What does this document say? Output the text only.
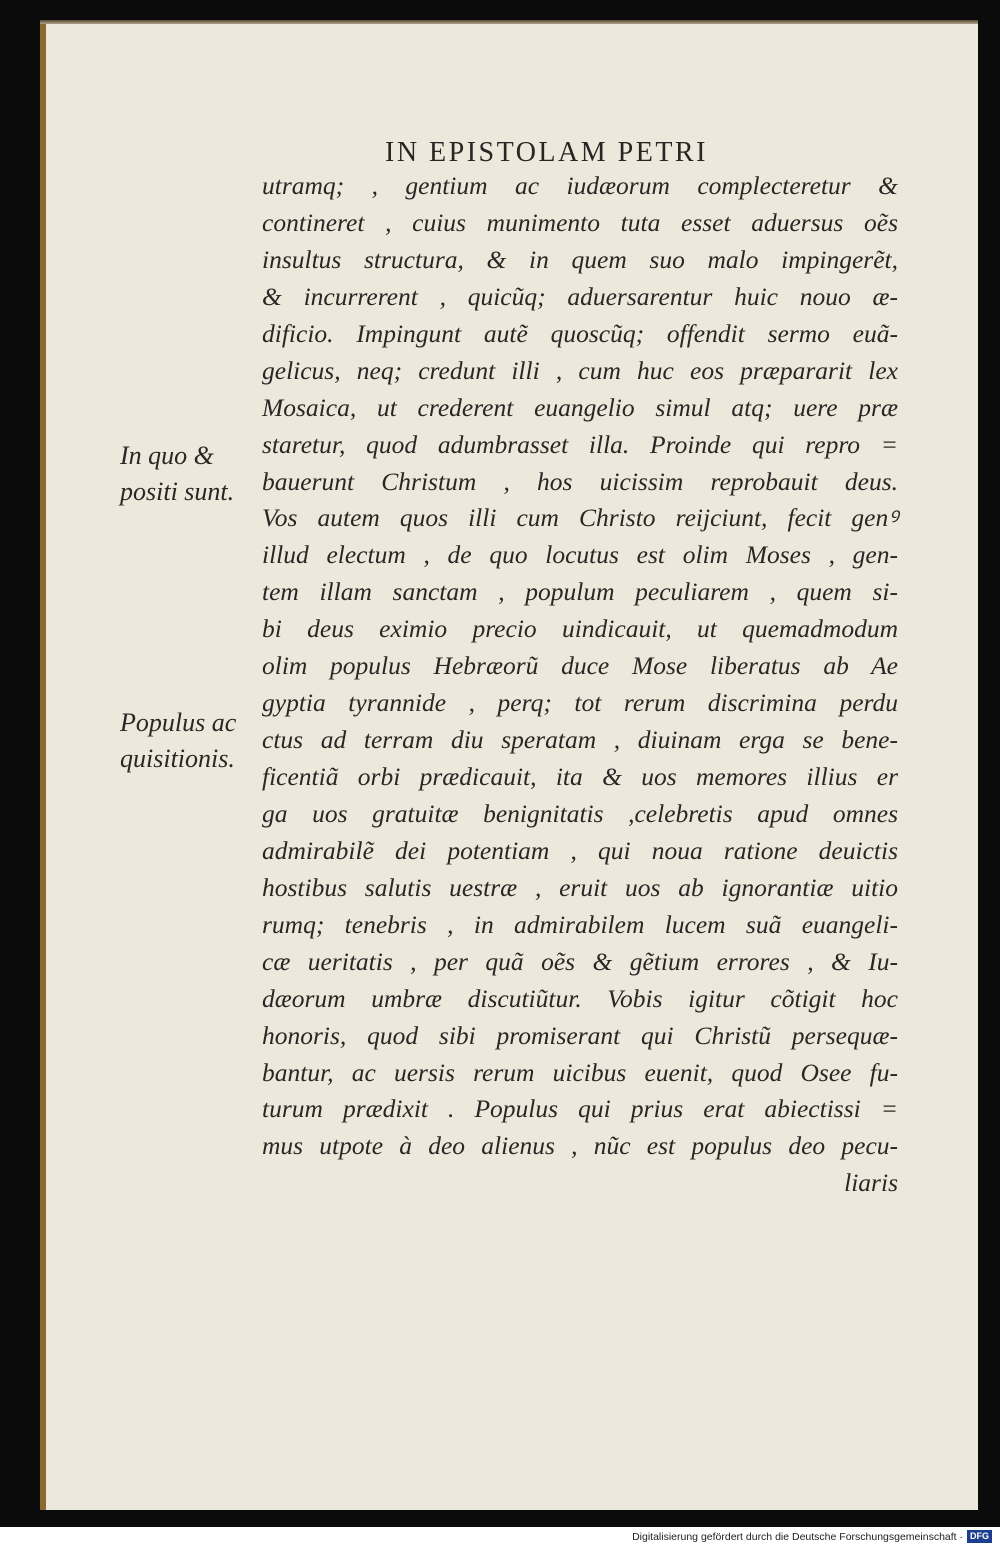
IN EPISTOLAM PETRI
In quo &
positi sunt.
Populus ac
quisitionis.
utramq; , gentium ac iudæorum complecteretur &
contineret , cuius munimento tuta esset aduersus oẽs
insultus structura, & in quem suo malo impingerẽt,
& incurrerent , quicũq; aduersarentur huic nouo æ-
dificio. Impingunt autẽ quoscũq; offendit sermo euã-
gelicus, neq; credunt illi , cum huc eos præpararit lex
Mosaica, ut crederent euangelio simul atq; uere præ
staretur, quod adumbrasset illa. Proinde qui repro =
bauerunt Christum , hos uicissim reprobauit deus.
Vos autem quos illi cum Christo reijciunt, fecit genꝰ
illud electum , de quo locutus est olim Moses , gen-
tem illam sanctam , populum peculiarem , quem si-
bi deus eximio precio uindicauit, ut quemadmodum
olim populus Hebræorũ duce Mose liberatus ab Ae
gyptia tyrannide , perq; tot rerum discrimina perdu
ctus ad terram diu speratam , diuinam erga se bene-
ficentiã orbi prædicauit, ita & uos memores illius er
ga uos gratuitæ benignitatis ,celebretis apud omnes
admirabilẽ dei potentiam , qui noua ratione deuictis
hostibus salutis uestræ , eruit uos ab ignorantiæ uitio
rumq; tenebris , in admirabilem lucem suã euangeli-
cæ ueritatis , per quã oẽs & gẽtium errores , & Iu-
dæorum umbræ discutiũtur. Vobis igitur cõtigit hoc
honoris, quod sibi promiserant qui Christũ persequæ-
bantur, ac uersis rerum uicibus euenit, quod Osee fu-
turum prædixit . Populus qui prius erat abiectissi =
mus utpote à deo alienus , nũc est populus deo pecu-
liaris
Digitalisierung gefördert durch die Deutsche Forschungsgemeinschaft · DFG
